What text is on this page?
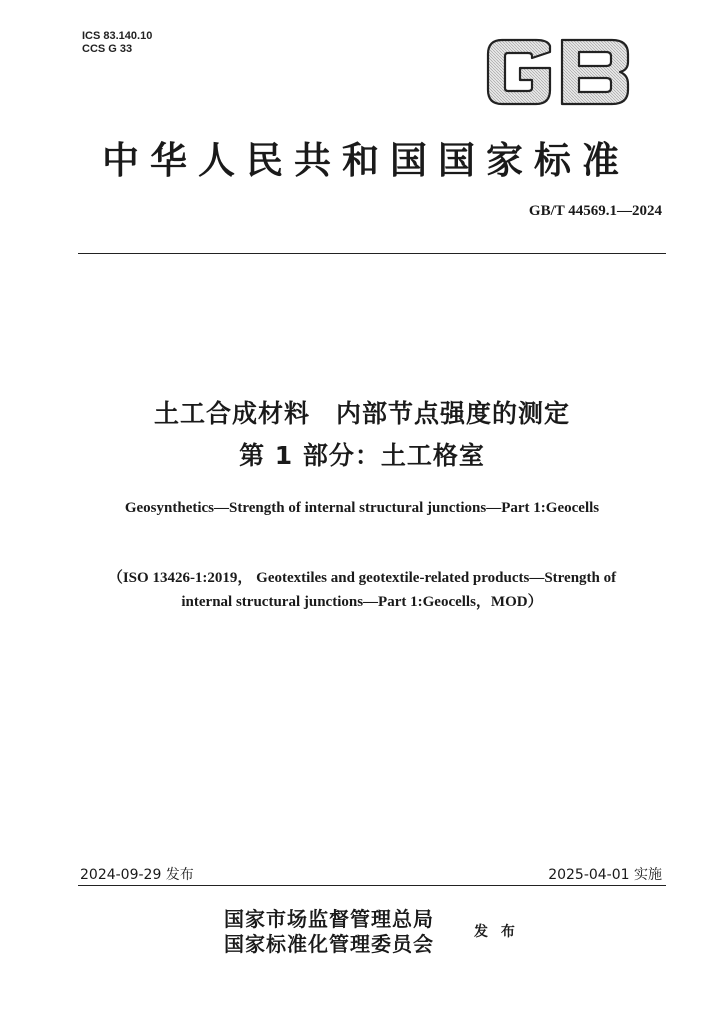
ICS 83.140.10
CCS G 33
GB
中华人民共和国国家标准
GB/T 44569.1—2024
土工合成材料　内部节点强度的测定
第 1 部分：土工格室
Geosynthetics—Strength of internal structural junctions—Part 1:Geocells
（ISO 13426-1:2019， Geotextiles and geotextile-related products—Strength of
internal structural junctions—Part 1:Geocells，MOD）
2024-09-29 发布	2025-04-01 实施
国家市场监督管理总局
国家标准化管理委员会	发 布
